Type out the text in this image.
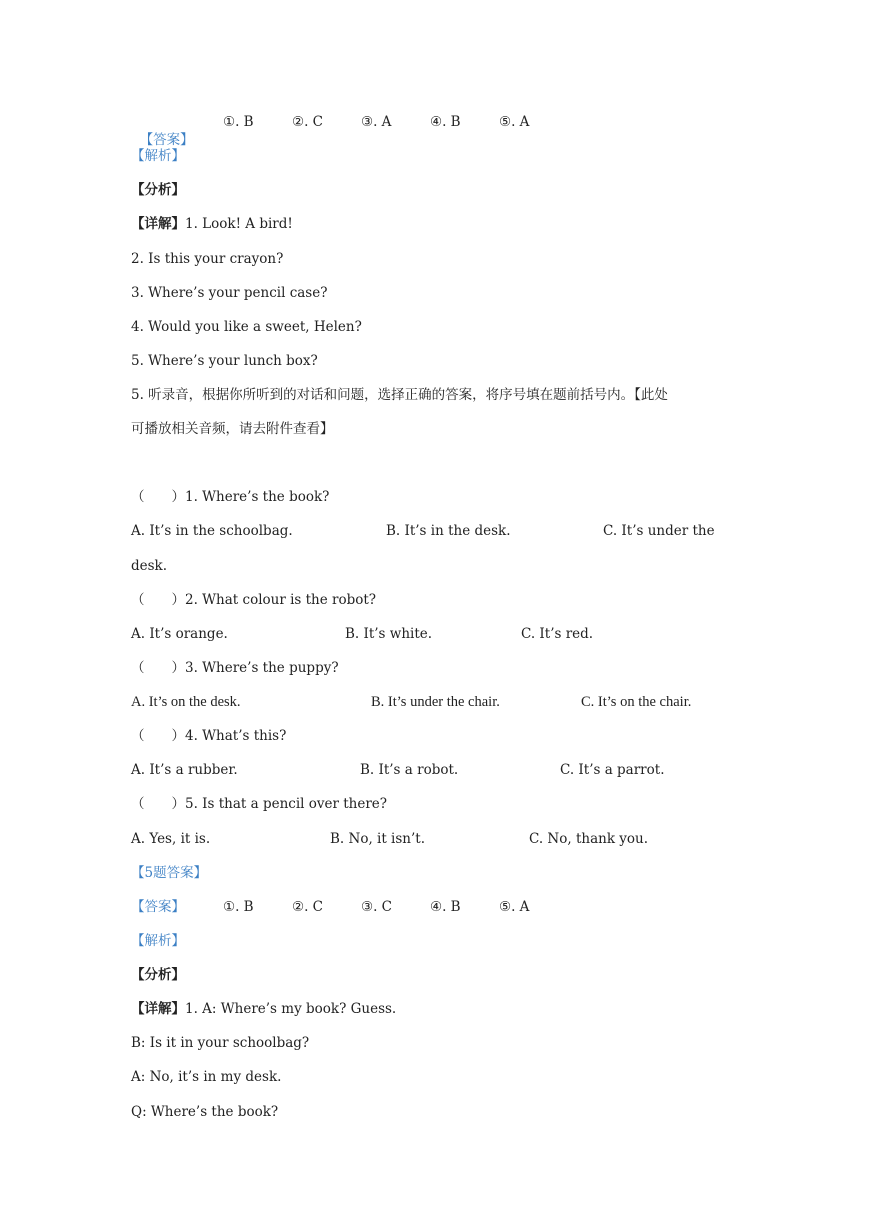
【答案】

①. B	②. C	③. A	④. B	⑤. A
【解析】
【分析】
【详解】1. Look! A bird!
2. Is this your crayon?
3. Where’s your pencil case?
4. Would you like a sweet, Helen?
5. Where’s your lunch box?
5. 听录音，根据你所听到的对话和问题，选择正确的答案，将序号填在题前括号内。【此处
可播放相关音频，请去附件查看】
（　　）1. Where’s the book?
A. It’s in the schoolbag.	B. It’s in the desk.	C. It’s under the
desk.
（　　）2. What colour is the robot?
A. It’s orange.	B. It’s white.	C. It’s red.
（　　）3. Where’s the puppy?
A. It’s on the desk.	B. It’s under the chair.	C. It’s on the chair.
（　　）4. What’s this?
A. It’s a rubber.	B. It’s a robot.	C. It’s a parrot.
（　　）5. Is that a pencil over there?
A. Yes, it is.	B. No, it isn’t.	C. No, thank you.
【5题答案】
【答案】	①. B	②. C	③. C	④. B	⑤. A
【解析】
【分析】
【详解】1. A: Where’s my book? Guess.
B: Is it in your schoolbag?
A: No, it’s in my desk.
Q: Where’s the book?
